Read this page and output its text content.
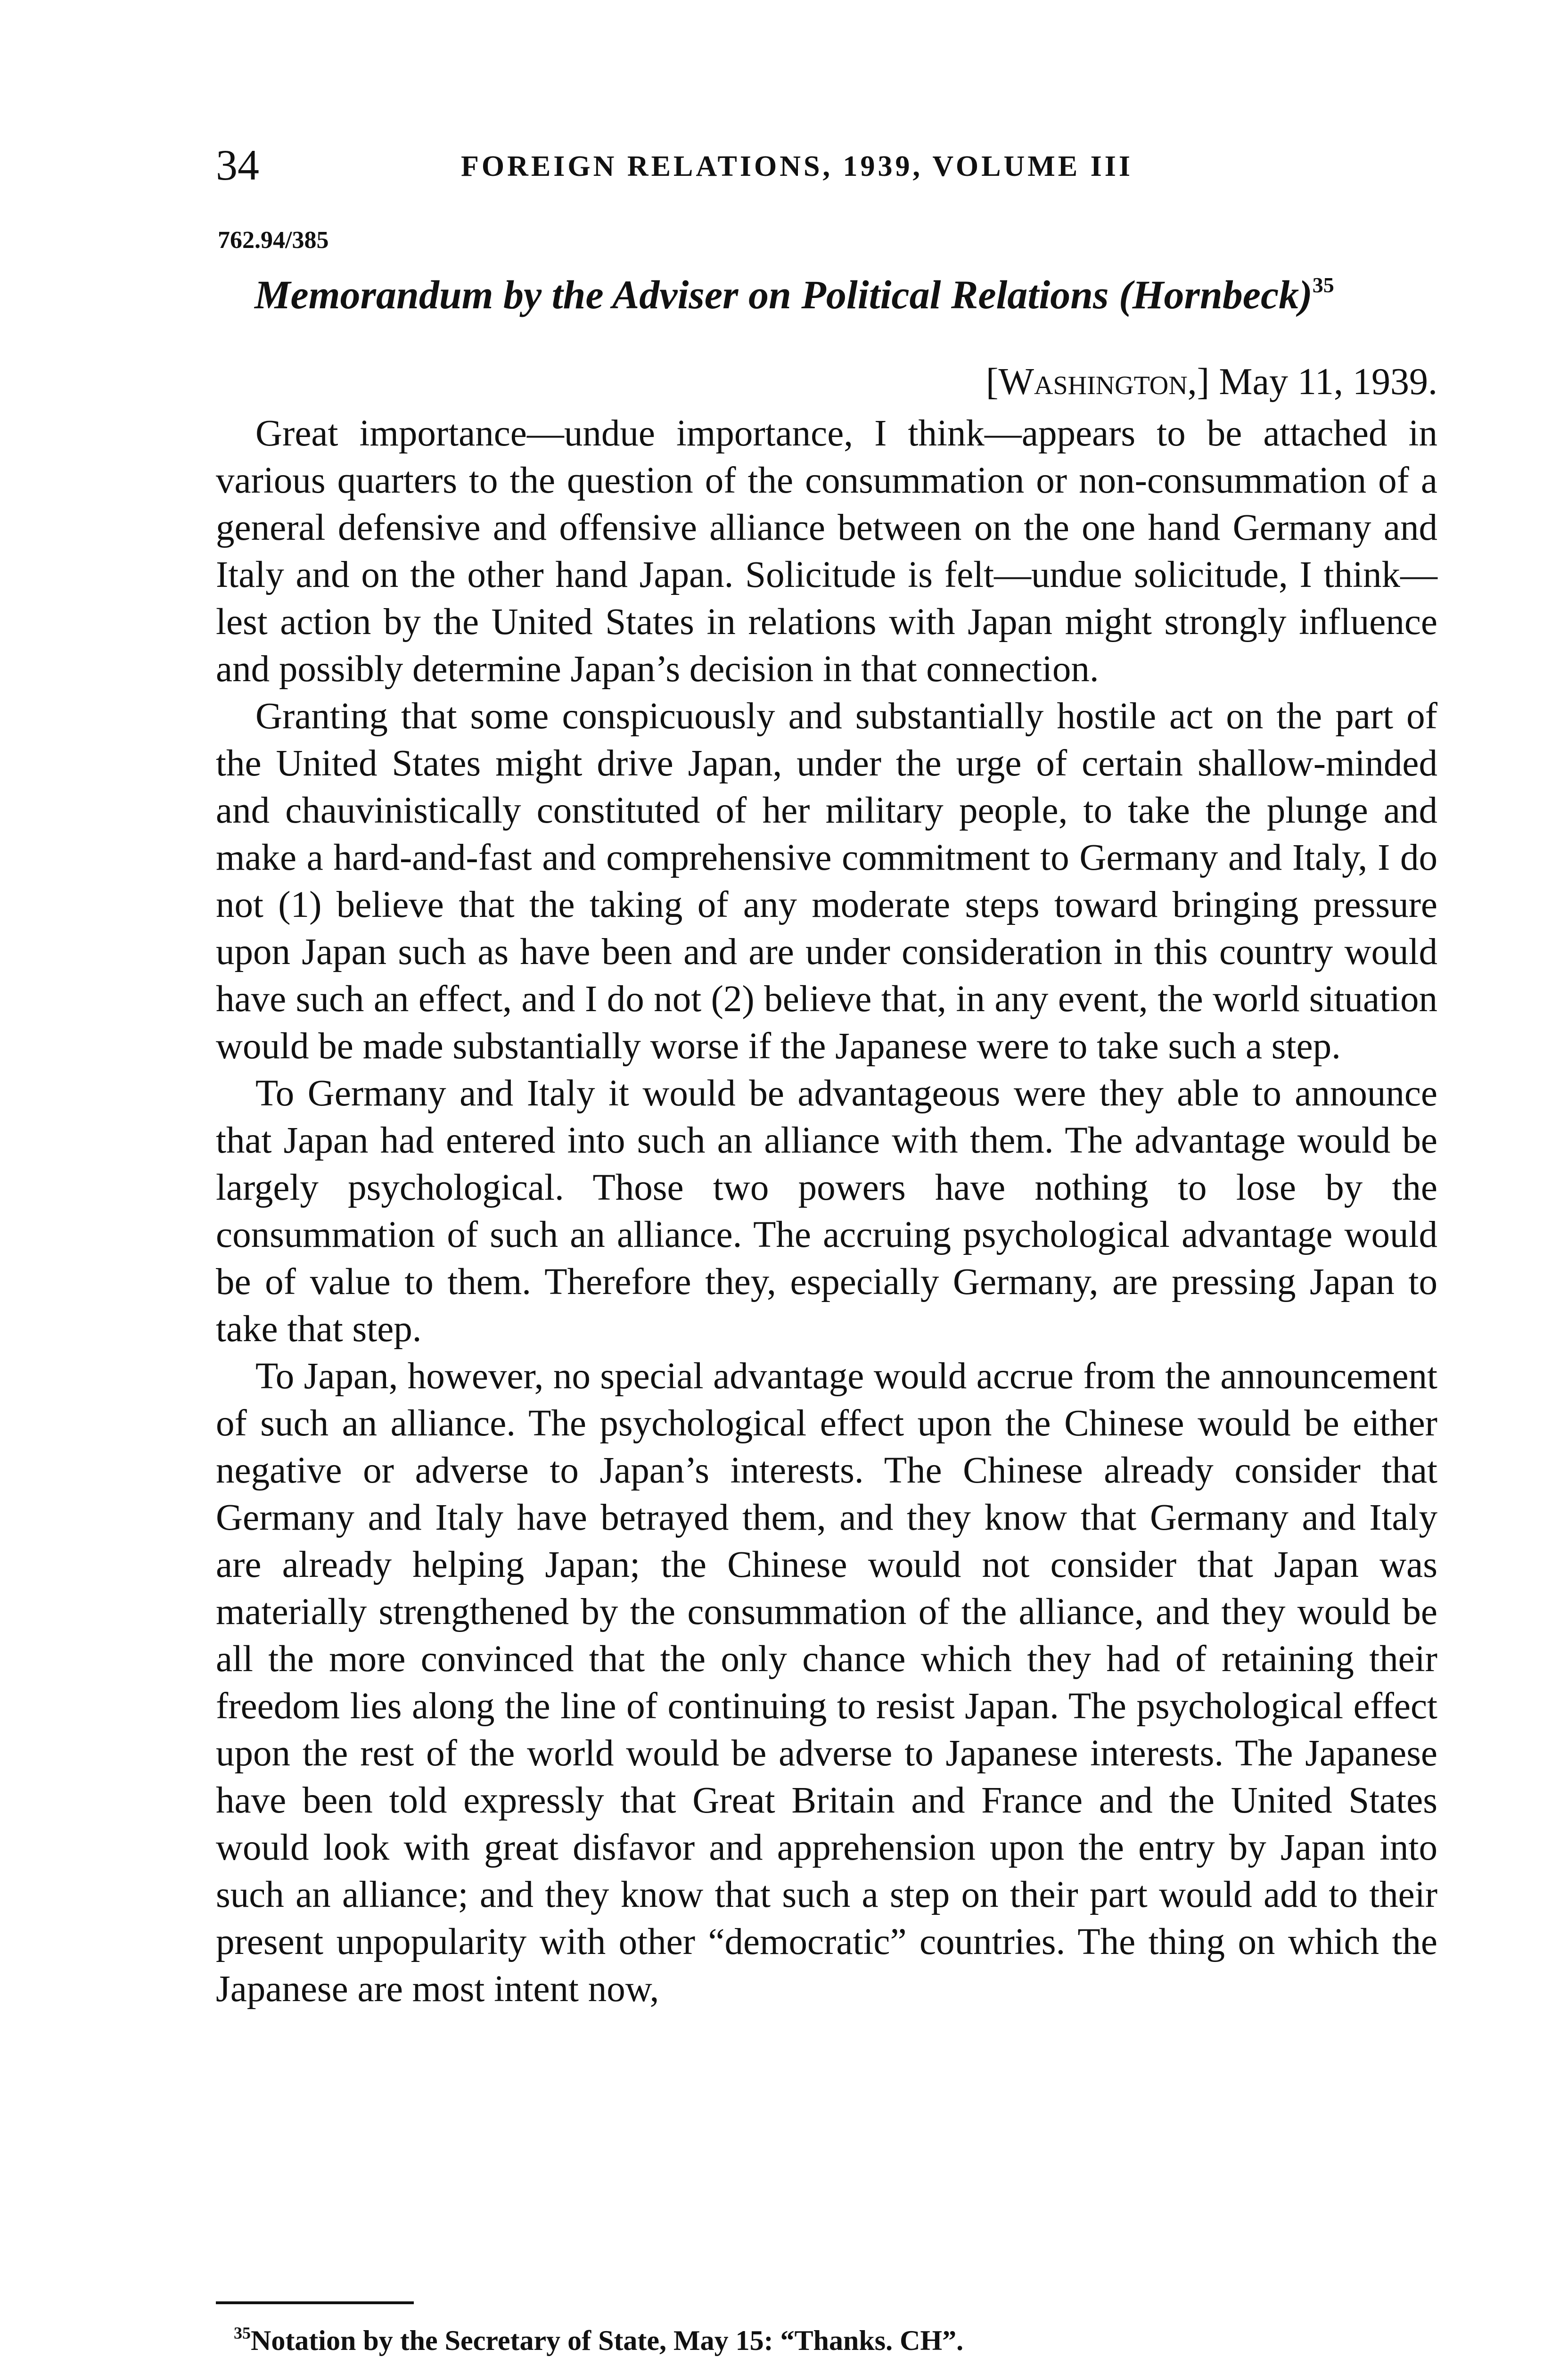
34	FOREIGN RELATIONS, 1939, VOLUME III
762.94/385
Memorandum by the Adviser on Political Relations (Hornbeck)$^{35}$
[Washington,] May 11, 1939.

Great importance—undue importance, I think—appears to be attached in various quarters to the question of the consummation or non-consummation of a general defensive and offensive alliance between on the one hand Germany and Italy and on the other hand Japan. Solicitude is felt—undue solicitude, I think—lest action by the United States in relations with Japan might strongly influence and possibly determine Japan’s decision in that connection.

Granting that some conspicuously and substantially hostile act on the part of the United States might drive Japan, under the urge of certain shallow-minded and chauvinistically constituted of her military people, to take the plunge and make a hard-and-fast and comprehensive commitment to Germany and Italy, I do not (1) believe that the taking of any moderate steps toward bringing pressure upon Japan such as have been and are under consideration in this country would have such an effect, and I do not (2) believe that, in any event, the world situation would be made substantially worse if the Japanese were to take such a step.

To Germany and Italy it would be advantageous were they able to announce that Japan had entered into such an alliance with them. The advantage would be largely psychological. Those two powers have nothing to lose by the consummation of such an alliance. The accruing psychological advantage would be of value to them. Therefore they, especially Germany, are pressing Japan to take that step.

To Japan, however, no special advantage would accrue from the announcement of such an alliance. The psychological effect upon the Chinese would be either negative or adverse to Japan’s interests. The Chinese already consider that Germany and Italy have betrayed them, and they know that Germany and Italy are already helping Japan; the Chinese would not consider that Japan was materially strengthened by the consummation of the alliance, and they would be all the more convinced that the only chance which they had of retaining their freedom lies along the line of continuing to resist Japan. The psychological effect upon the rest of the world would be adverse to Japanese interests. The Japanese have been told expressly that Great Britain and France and the United States would look with great disfavor and apprehension upon the entry by Japan into such an alliance; and they know that such a step on their part would add to their present unpopularity with other “democratic” countries. The thing on which the Japanese are most intent now,

$^{35}$Notation by the Secretary of State, May 15: “Thanks. CH”.
